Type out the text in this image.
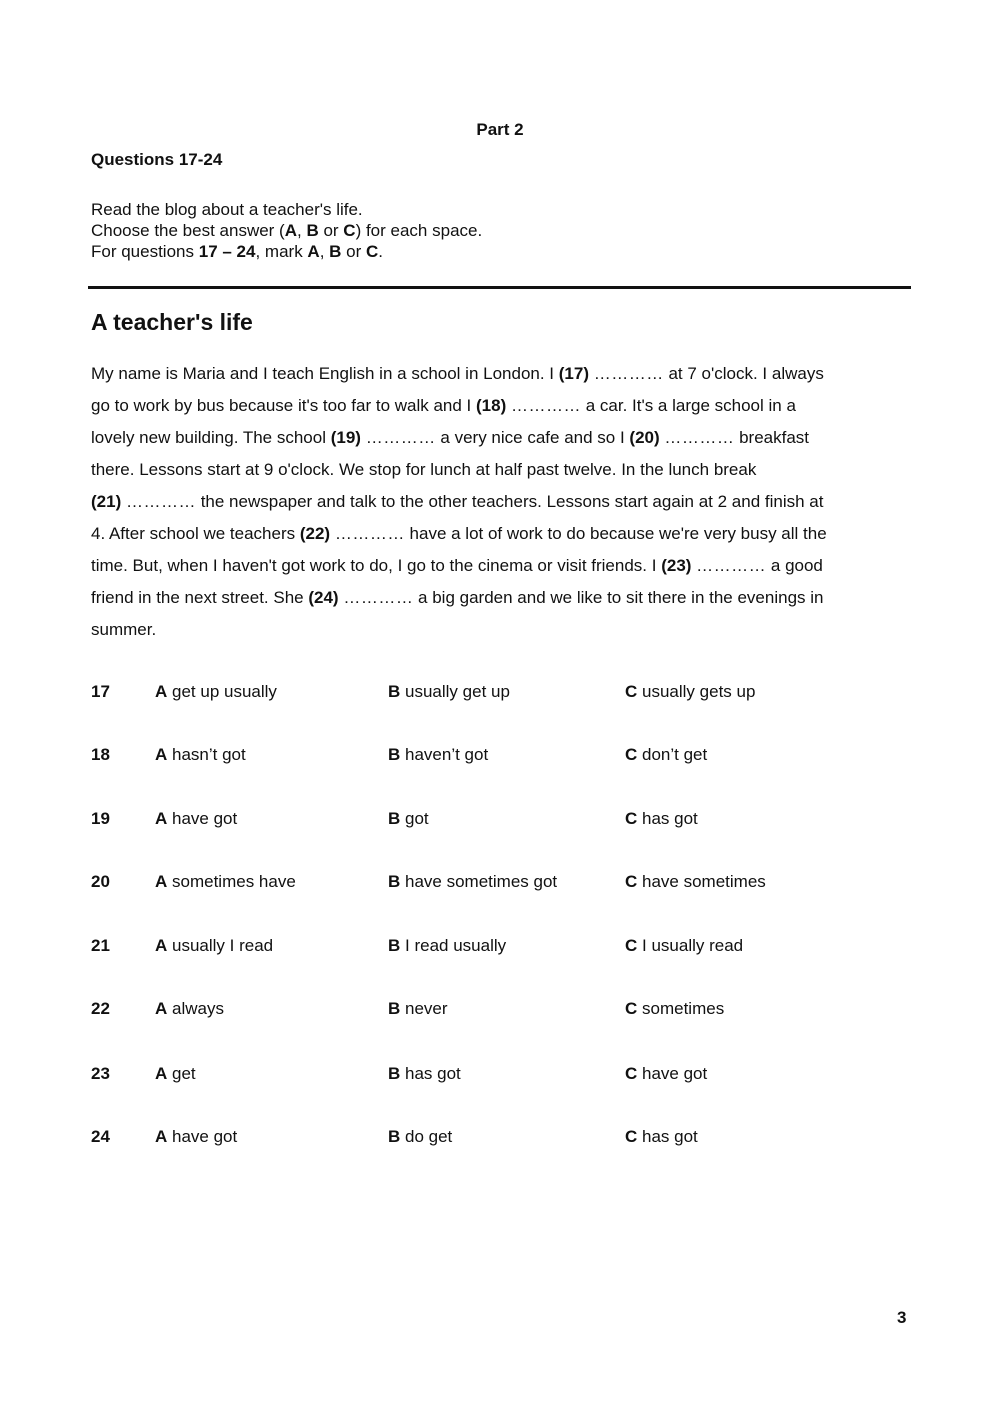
Part 2
Questions 17-24
Read the blog about a teacher's life.
Choose the best answer (A, B or C) for each space.
For questions 17 – 24, mark A, B or C.
A teacher's life
My name is Maria and I teach English in a school in London. I (17) ………… at 7 o'clock. I always
go to work by bus because it's too far to walk and I (18) ………… a car. It's a large school in a
lovely new building. The school (19) ………… a very nice cafe and so I (20) ………… breakfast
there. Lessons start at 9 o'clock. We stop for lunch at half past twelve. In the lunch break
(21) ………… the newspaper and talk to the other teachers. Lessons start again at 2 and finish at
4. After school we teachers (22) ………… have a lot of work to do because we're very busy all the
time. But, when I haven't got work to do, I go to the cinema or visit friends. I (23) ………… a good
friend in the next street. She (24) ………… a big garden and we like to sit there in the evenings in
summer.
17	A get up usually	B usually get up	C usually gets up
18	A hasn’t got	B haven’t got	C don’t get
19	A have got	B got	C has got
20	A sometimes have	B have sometimes got	C have sometimes
21	A usually I read	B I read usually	C I usually read
22	A always	B never	C sometimes
23	A get	B has got	C have got
24	A have got	B do get	C has got
3
